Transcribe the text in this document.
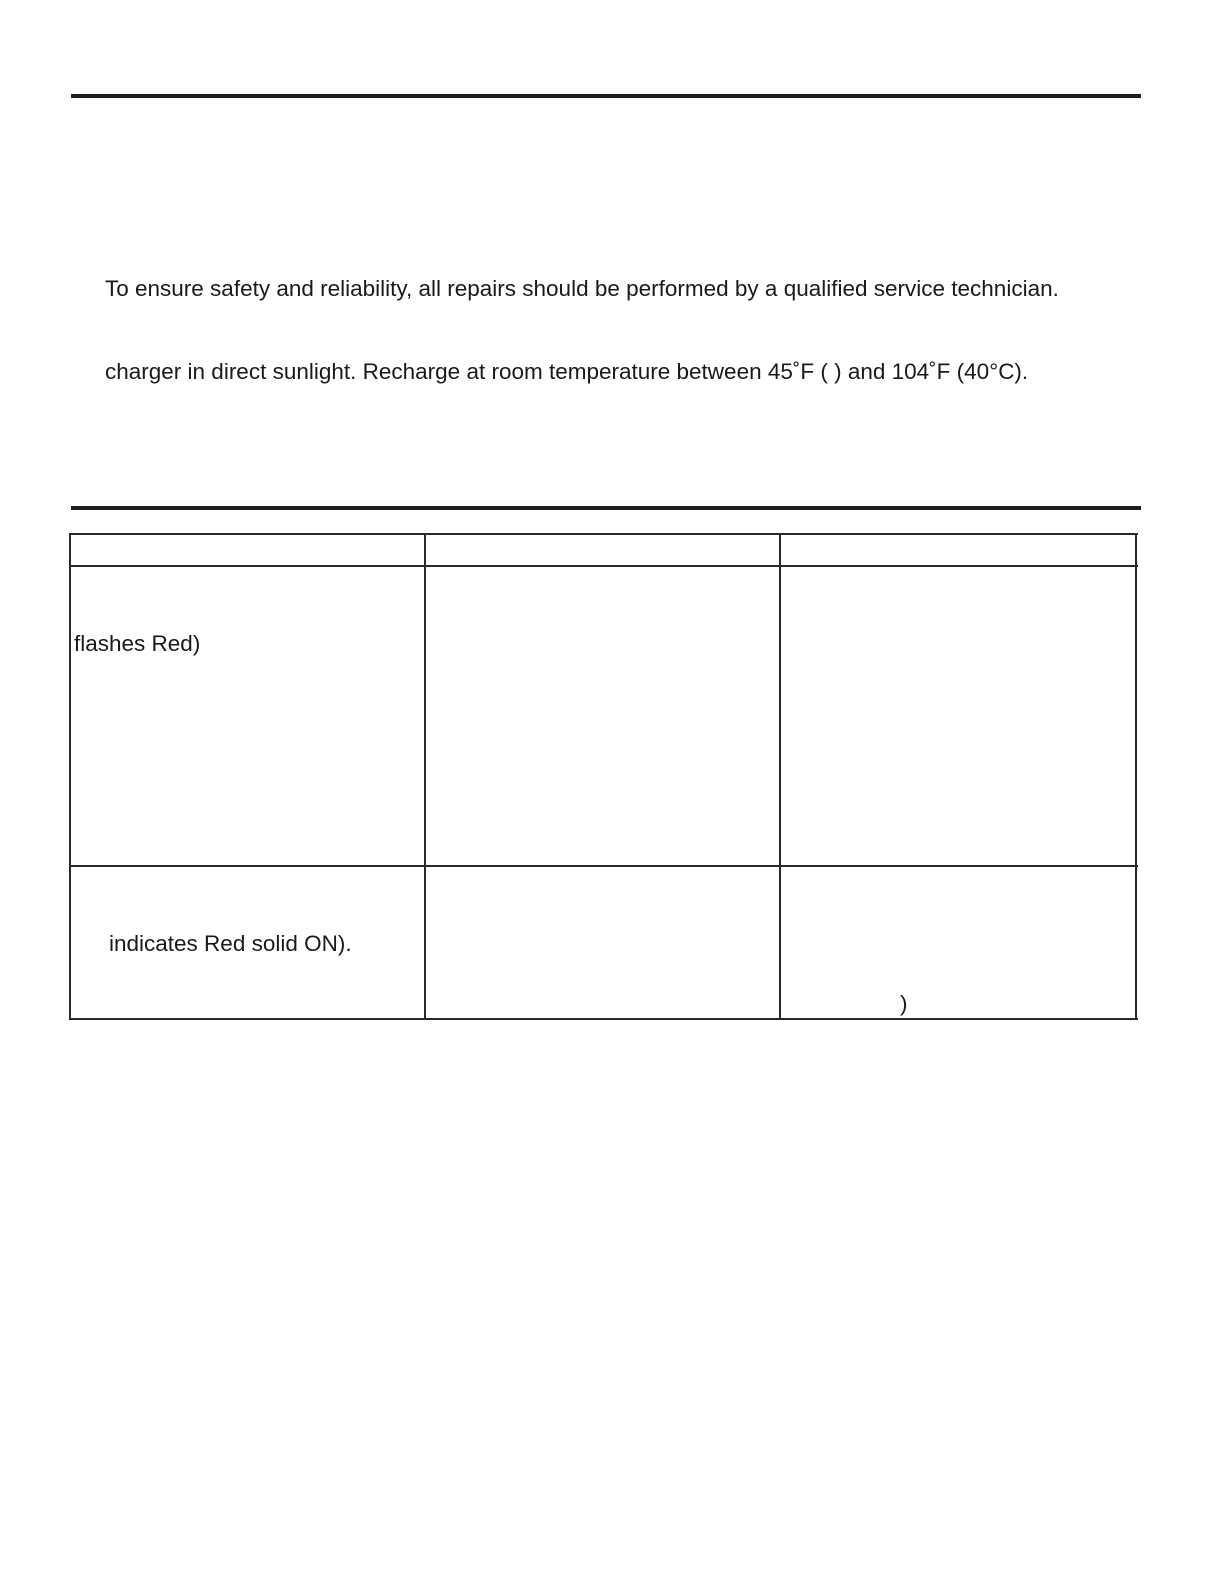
To ensure safety and reliability, all repairs should be performed by a qualified service technician.
charger in direct sunlight. Recharge at room temperature between 45˚F ( ) and 104˚F (40°C).
flashes Red)
indicates Red solid ON).
)
